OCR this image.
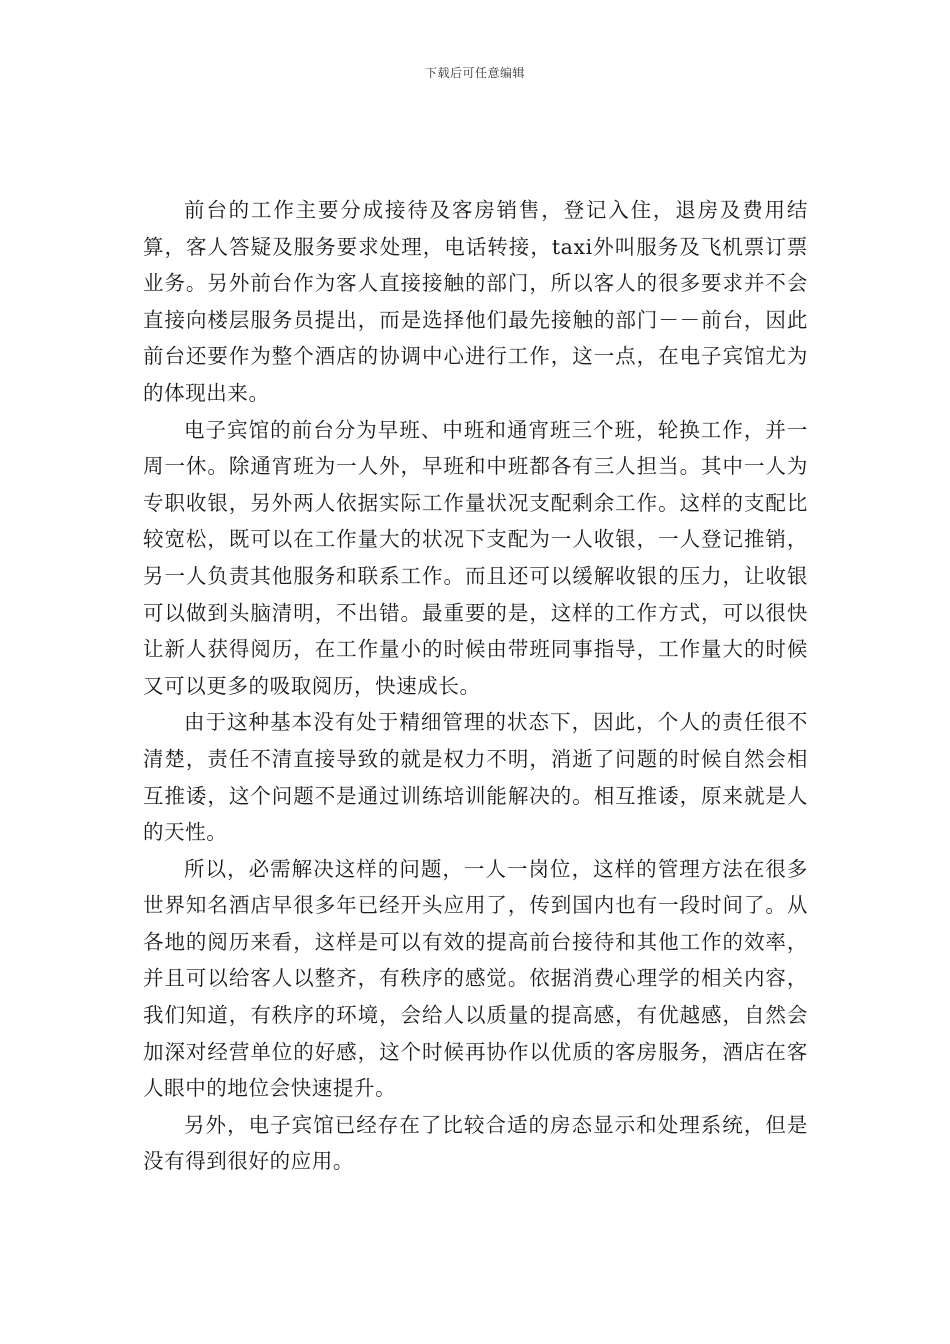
下载后可任意编辑

前台的工作主要分成接待及客房销售，登记入住，退房及费用结算，客人答疑及服务要求处理，电话转接，taxi外叫服务及飞机票订票业务。另外前台作为客人直接接触的部门，所以客人的很多要求并不会直接向楼层服务员提出，而是选择他们最先接触的部门－－前台，因此前台还要作为整个酒店的协调中心进行工作，这一点，在电子宾馆尤为的体现出来。

电子宾馆的前台分为早班、中班和通宵班三个班，轮换工作，并一周一休。除通宵班为一人外，早班和中班都各有三人担当。其中一人为专职收银，另外两人依据实际工作量状况支配剩余工作。这样的支配比较宽松，既可以在工作量大的状况下支配为一人收银，一人登记推销，另一人负责其他服务和联系工作。而且还可以缓解收银的压力，让收银可以做到头脑清明，不出错。最重要的是，这样的工作方式，可以很快让新人获得阅历，在工作量小的时候由带班同事指导，工作量大的时候又可以更多的吸取阅历，快速成长。

由于这种基本没有处于精细管理的状态下，因此，个人的责任很不清楚，责任不清直接导致的就是权力不明，消逝了问题的时候自然会相互推诿，这个问题不是通过训练培训能解决的。相互推诿，原来就是人的天性。

所以，必需解决这样的问题，一人一岗位，这样的管理方法在很多世界知名酒店早很多年已经开头应用了，传到国内也有一段时间了。从各地的阅历来看，这样是可以有效的提高前台接待和其他工作的效率，并且可以给客人以整齐，有秩序的感觉。依据消费心理学的相关内容，我们知道，有秩序的环境，会给人以质量的提高感，有优越感，自然会加深对经营单位的好感，这个时候再协作以优质的客房服务，酒店在客人眼中的地位会快速提升。

另外，电子宾馆已经存在了比较合适的房态显示和处理系统，但是没有得到很好的应用。
